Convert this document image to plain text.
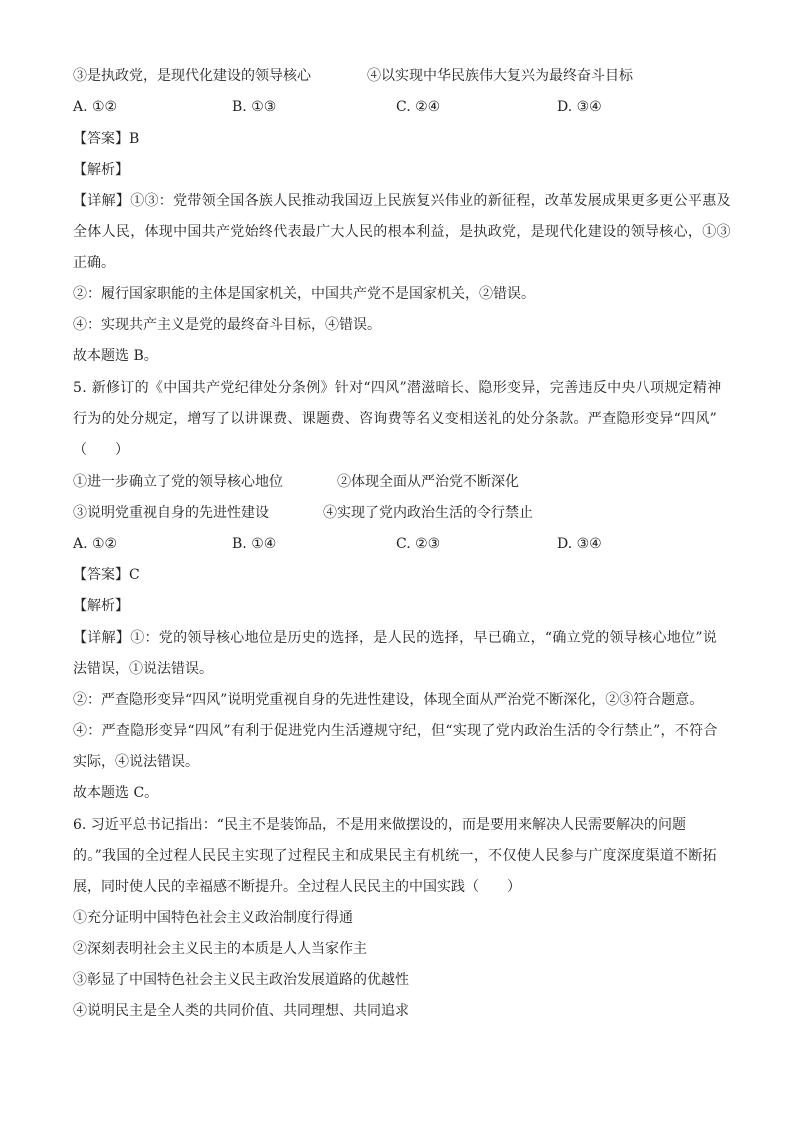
③是执政党，是现代化建设的领导核心	④以实现中华民族伟大复兴为最终奋斗目标
A. ①②	B. ①③	C. ②④	D. ③④
【答案】B
【解析】
【详解】①③：党带领全国各族人民推动我国迈上民族复兴伟业的新征程，改革发展成果更多更公平惠及
全体人民，体现中国共产党始终代表最广大人民的根本利益，是执政党，是现代化建设的领导核心，①③
正确。
②：履行国家职能的主体是国家机关，中国共产党不是国家机关，②错误。
④：实现共产主义是党的最终奋斗目标，④错误。
故本题选 B。
5. 新修订的《中国共产党纪律处分条例》针对“四风”潜滋暗长、隐形变异，完善违反中央八项规定精神
行为的处分规定，增写了以讲课费、课题费、咨询费等名义变相送礼的处分条款。严查隐形变异“四风”
（　　）
①进一步确立了党的领导核心地位	②体现全面从严治党不断深化
③说明党重视自身的先进性建设	④实现了党内政治生活的令行禁止
A. ①②	B. ①④	C. ②③	D. ③④
【答案】C
【解析】
【详解】①：党的领导核心地位是历史的选择，是人民的选择，早已确立，“确立党的领导核心地位”说
法错误，①说法错误。
②：严查隐形变异“四风”说明党重视自身的先进性建设，体现全面从严治党不断深化，②③符合题意。
④：严查隐形变异“四风”有利于促进党内生活遵规守纪，但“实现了党内政治生活的令行禁止”，不符合
实际，④说法错误。
故本题选 C。
6. 习近平总书记指出：“民主不是装饰品，不是用来做摆设的，而是要用来解决人民需要解决的问题
的。”我国的全过程人民民主实现了过程民主和成果民主有机统一，不仅使人民参与广度深度渠道不断拓
展，同时使人民的幸福感不断提升。全过程人民民主的中国实践（　　）
①充分证明中国特色社会主义政治制度行得通
②深刻表明社会主义民主的本质是人人当家作主
③彰显了中国特色社会主义民主政治发展道路的优越性
④说明民主是全人类的共同价值、共同理想、共同追求
